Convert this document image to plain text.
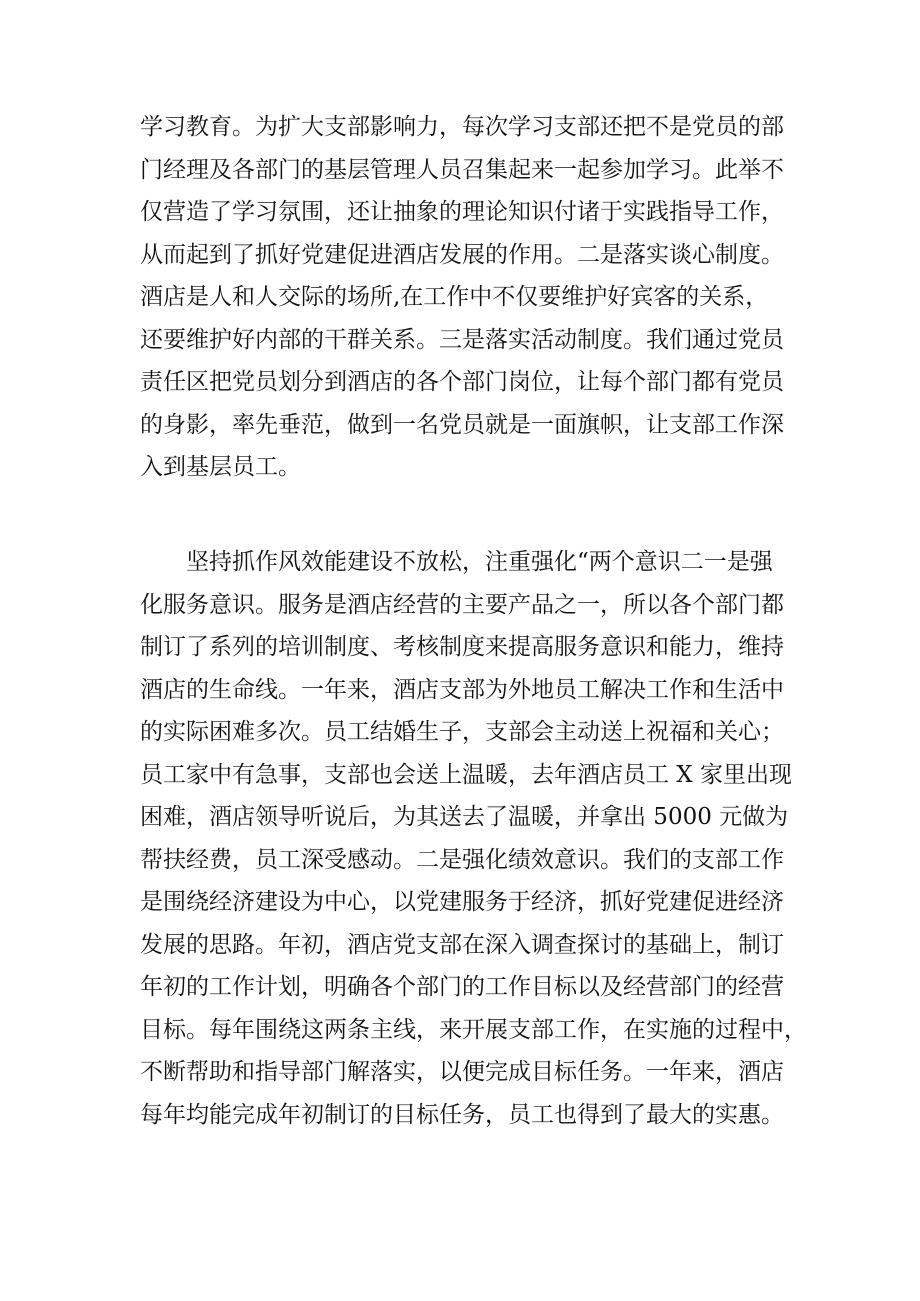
学习教育。为扩大支部影响力，每次学习支部还把不是党员的部
门经理及各部门的基层管理人员召集起来一起参加学习。此举不
仅营造了学习氛围，还让抽象的理论知识付诸于实践指导工作，
从而起到了抓好党建促进酒店发展的作用。二是落实谈心制度。
酒店是人和人交际的场所,在工作中不仅要维护好宾客的关系，
还要维护好内部的干群关系。三是落实活动制度。我们通过党员
责任区把党员划分到酒店的各个部门岗位，让每个部门都有党员
的身影，率先垂范，做到一名党员就是一面旗帜，让支部工作深
入到基层员工。
　　坚持抓作风效能建设不放松，注重强化“两个意识二一是强
化服务意识。服务是酒店经营的主要产品之一，所以各个部门都
制订了系列的培训制度、考核制度来提高服务意识和能力，维持
酒店的生命线。一年来，酒店支部为外地员工解决工作和生活中
的实际困难多次。员工结婚生子，支部会主动送上祝福和关心；
员工家中有急事，支部也会送上温暖，去年酒店员工 X 家里出现
困难，酒店领导听说后，为其送去了温暖，并拿出 5000 元做为
帮扶经费，员工深受感动。二是强化绩效意识。我们的支部工作
是围绕经济建设为中心，以党建服务于经济，抓好党建促进经济
发展的思路。年初，酒店党支部在深入调查探讨的基础上，制订
年初的工作计划，明确各个部门的工作目标以及经营部门的经营
目标。每年围绕这两条主线，来开展支部工作，在实施的过程中，
不断帮助和指导部门解落实，以便完成目标任务。一年来，酒店
每年均能完成年初制订的目标任务，员工也得到了最大的实惠。
